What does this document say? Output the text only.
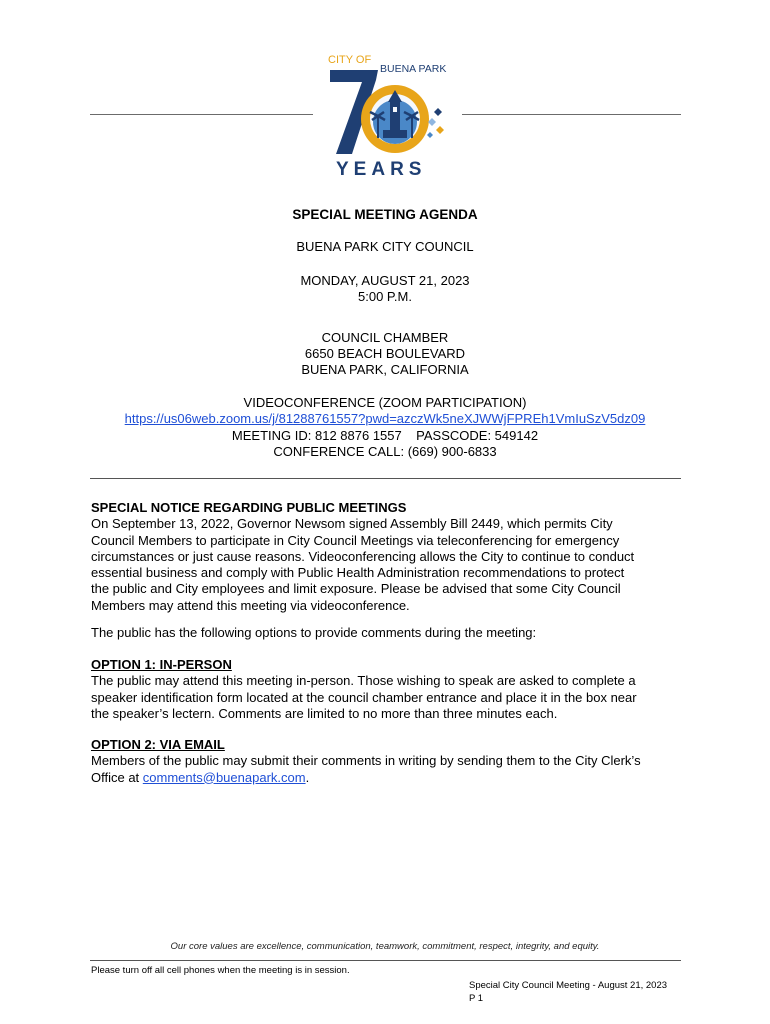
CITY OF
BUENA PARK
YEARS
SPECIAL MEETING AGENDA
BUENA PARK CITY COUNCIL
MONDAY, AUGUST 21, 2023
5:00 P.M.
COUNCIL CHAMBER
6650 BEACH BOULEVARD
BUENA PARK, CALIFORNIA
VIDEOCONFERENCE (ZOOM PARTICIPATION)
https://us06web.zoom.us/j/81288761557?pwd=azczWk5neXJWWjFPREh1VmIuSzV5dz09
MEETING ID: 812 8876 1557    PASSCODE: 549142
CONFERENCE CALL: (669) 900-6833
SPECIAL NOTICE REGARDING PUBLIC MEETINGS
On September 13, 2022, Governor Newsom signed Assembly Bill 2449, which permits City
Council Members to participate in City Council Meetings via teleconferencing for emergency
circumstances or just cause reasons. Videoconferencing allows the City to continue to conduct
essential business and comply with Public Health Administration recommendations to protect
the public and City employees and limit exposure. Please be advised that some City Council
Members may attend this meeting via videoconference.
The public has the following options to provide comments during the meeting:
OPTION 1: IN-PERSON
The public may attend this meeting in-person. Those wishing to speak are asked to complete a
speaker identification form located at the council chamber entrance and place it in the box near
the speaker’s lectern. Comments are limited to no more than three minutes each.
OPTION 2: VIA EMAIL
Members of the public may submit their comments in writing by sending them to the City Clerk’s
Office at comments@buenapark.com.
Our core values are excellence, communication, teamwork, commitment, respect, integrity, and equity.
Please turn off all cell phones when the meeting is in session.
Special City Council Meeting - August 21, 2023
P 1
